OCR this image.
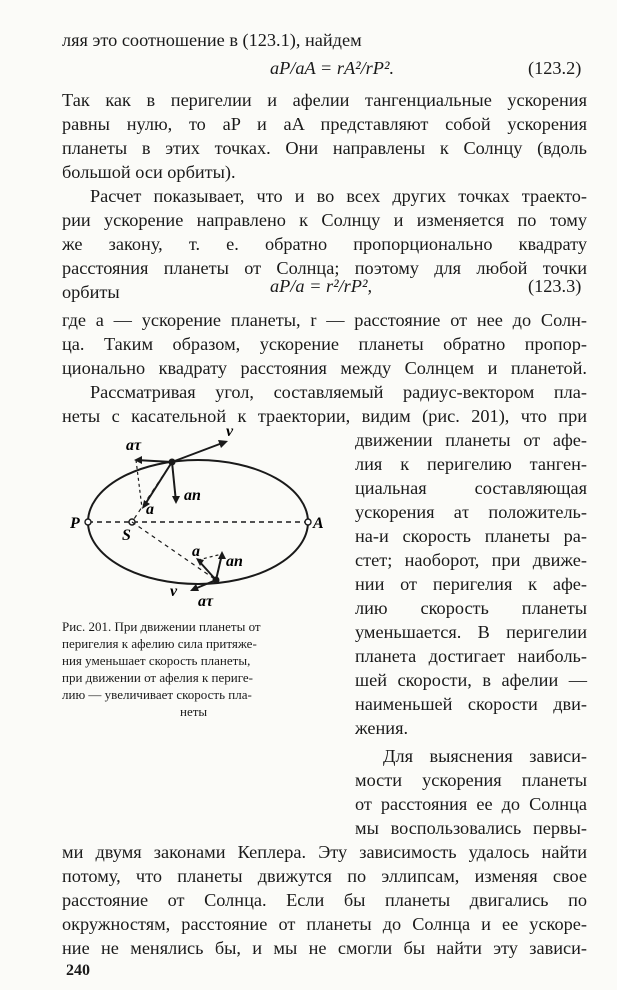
ляя это соотношение в (123.1), найдем
aP/aA = rA²/rP².	(123.2)
Так как в перигелии и афелии тангенциальные ускорения
равны нулю, то aP и aA представляют собой ускорения
планеты в этих точках. Они направлены к Солнцу (вдоль
большой оси орбиты).
Расчет показывает, что и во всех других точках траекто-
рии ускорение направлено к Солнцу и изменяется по тому
же закону, т. е. обратно пропорционально квадрату
расстояния планеты от Солнца; поэтому для любой точки
орбиты	aP/a = r²/rP²,	(123.3)
где a — ускорение планеты, r — расстояние от нее до Солн-
ца. Таким образом, ускорение планеты обратно пропор-
ционально квадрату расстояния между Солнцем и планетой.
Рассматривая угол, составляемый радиус-вектором пла-
неты с касательной к траектории, видим (рис. 201), что при
движении планеты от афе-
лия к перигелию танген-
циальная составляющая
ускорения aτ положитель-
на-и скорость планеты ра-
стет; наоборот, при движе-
нии от перигелия к афе-
лию скорость планеты
уменьшается. В перигелии
планета достигает наиболь-
шей скорости, в афелии —
наименьшей скорости дви-
жения.
Для выяснения зависи-
мости ускорения планеты
от расстояния ее до Солнца
мы воспользовались первы-
aτ
v
an
a
P
S
A
a
an
v
aτ
Рис. 201. При движении планеты от
перигелия к афелию сила притяже-
ния уменьшает скорость планеты,
при движении от афелия к периге-
лию — увеличивает скорость пла-
неты
ми двумя законами Кеплера. Эту зависимость удалось найти
потому, что планеты движутся по эллипсам, изменяя свое
расстояние от Солнца. Если бы планеты двигались по
окружностям, расстояние от планеты до Солнца и ее ускоре-
ние не менялись бы, и мы не смогли бы найти эту зависи-
240
